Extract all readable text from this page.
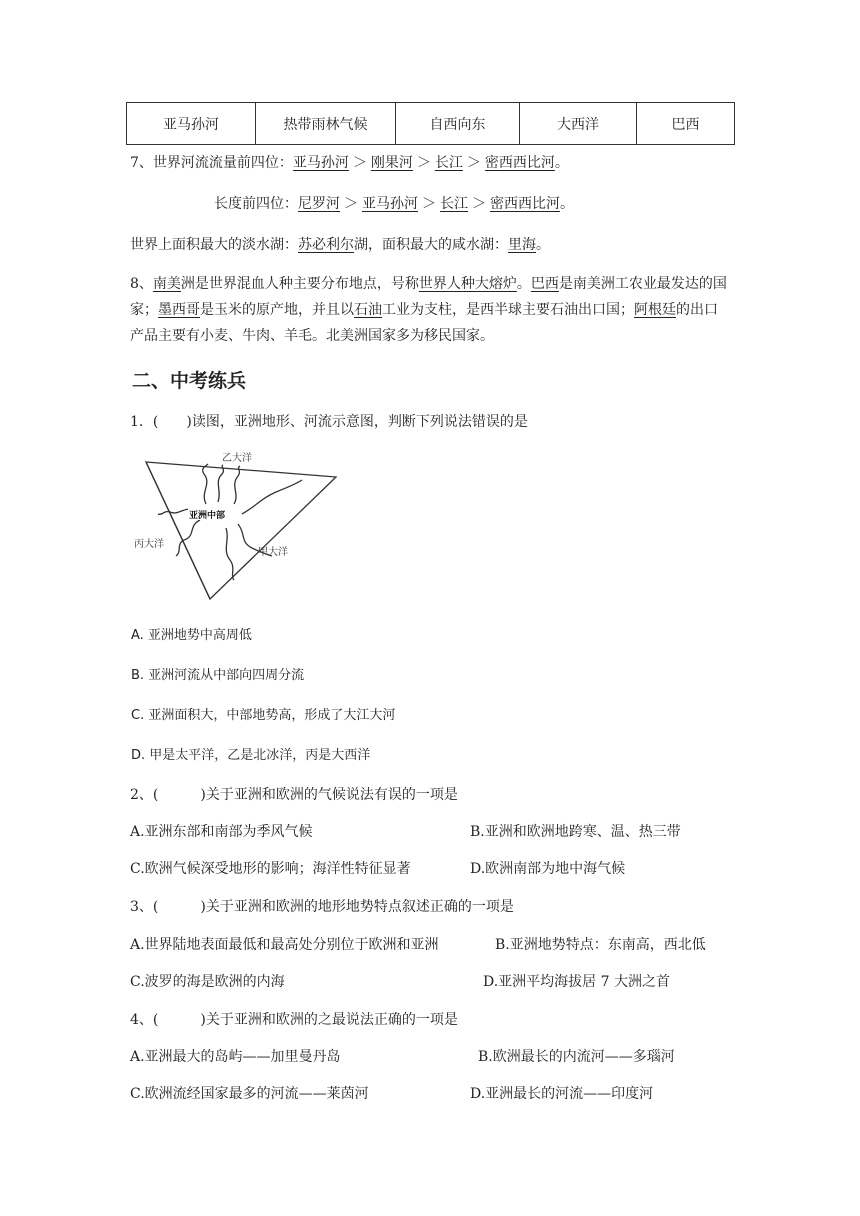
亚马孙河	热带雨林气候	自西向东	大西洋	巴西
7、世界河流流量前四位：亚马孙河 ＞ 刚果河 ＞ 长江 ＞ 密西西比河。
长度前四位：尼罗河 ＞ 亚马孙河 ＞ 长江 ＞ 密西西比河。
世界上面积最大的淡水湖：苏必利尔湖，面积最大的咸水湖：里海。
8、南美洲是世界混血人种主要分布地点，号称世界人种大熔炉。巴西是南美洲工农业最发达的国家；墨西哥是玉米的原产地，并且以石油工业为支柱，是西半球主要石油出口国；阿根廷的出口产品主要有小麦、牛肉、羊毛。北美洲国家多为移民国家。
二、中考练兵
1．(　　)读图，亚洲地形、河流示意图，判断下列说法错误的是
乙大洋
丙大洋
甲大洋
亚洲中部
A. 亚洲地势中高周低
B. 亚洲河流从中部向四周分流
C. 亚洲面积大，中部地势高，形成了大江大河
D. 甲是太平洋，乙是北冰洋，丙是大西洋
2、(　　　)关于亚洲和欧洲的气候说法有误的一项是
A.亚洲东部和南部为季风气候	B.亚洲和欧洲地跨寒、温、热三带
C.欧洲气候深受地形的影响；海洋性特征显著	D.欧洲南部为地中海气候
3、(　　　)关于亚洲和欧洲的地形地势特点叙述正确的一项是
A.世界陆地表面最低和最高处分别位于欧洲和亚洲	B.亚洲地势特点：东南高，西北低
C.波罗的海是欧洲的内海	D.亚洲平均海拔居 7 大洲之首
4、(　　　)关于亚洲和欧洲的之最说法正确的一项是
A.亚洲最大的岛屿——加里曼丹岛	B.欧洲最长的内流河——多瑙河
C.欧洲流经国家最多的河流——莱茵河	D.亚洲最长的河流——印度河
